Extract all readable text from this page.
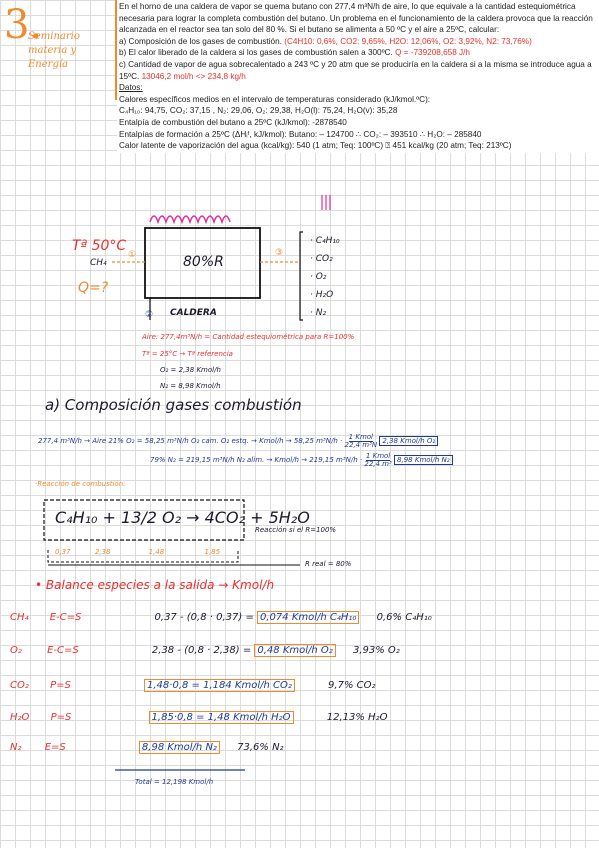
3.
Seminario
materia y
Energía

En el horno de una caldera de vapor se quema butano con 277,4 m³N/h de aire, lo que equivale a la cantidad estequiométrica necesaria para lograr la completa combustión del butano. Un problema en el funcionamiento de la caldera provoca que la reacción alcanzada en el reactor sea tan solo del 80 %. Si el butano se alimenta a 50 ºC y el aire a 25ºC, calcular:

a) Composición de los gases de combustión. (C4H10: 0,6%, CO2: 9,65%, H2O: 12,06%, O2: 3,92%, N2: 73,76%)

b) El calor liberado de la caldera si los gases de combustión salen a 300ºC. Q = -739208,658 J/h

c) Cantidad de vapor de agua sobrecalentado a 243 ºC y 20 atm que se produciría en la caldera si a la misma se introduce agua a 15ºC. 13046,2 mol/h <> 234,8 kg/h

Datos:

Calores específicos medios en el intervalo de temperaturas considerado (kJ/kmol.ºC):

C₄H₁₀: 94,75, CO₂: 37,15 , N₂: 29,06, O₂: 29,38, H₂O(l): 75,24, H₂O(v): 35,28

Entalpía de combustión del butano a 25ºC (kJ/kmol): -2878540

Entalpías de formación a 25ºC (ΔHᵢᶠ, kJ/kmol): Butano: – 124700 ∴ CO₂: – 393510 ∴ H₂O: – 285840

Calor latente de vaporización del agua (kcal/kg): 540 (1 atm; Teq: 100ºC) ⍰ 451 kcal/kg (20 atm; Teq: 213ºC)

Tª 50°C
CH₄
①
Q=?
80%R
③
· C₄H₁₀
· CO₂
· O₂
· H₂O
· N₂
② CALDERA
Aire: 277,4m³N/h = Cantidad estequiométrica para R=100%
Tª = 25°C → Tª referencia
O₂ = 2,38 Kmol/h
N₂ = 8,98 Kmol/h
a) Composición gases combustión
277,4 m³N/h → Aire 21% O₂ = 58,25 m³N/h O₂ cam. O₂ estq. → Kmol/h → 58,25 m³N/h · 1 Kmol
22,4 m³N 2,38 Kmol/h O₂
79% N₂ = 219,15 m³N/h N₂ alim. → Kmol/h → 219,15 m³N/h · 1 Kmol
22,4 m³ 8,98 Kmol/h N₂
·Reacción de combustión:
C₄H₁₀ + 13/2 O₂ → 4CO₂ + 5H₂O
Reacción si el R=100%
0,37	2,38	1,48	1,85
R real = 80%
• Balance especies a la salida → Kmol/h
CH₄ E-C=S	0,37 - (0,8 · 0,37) = 0,074 Kmol/h C₄H₁₀ 0,6% C₄H₁₀
O₂	E-C=S	2,38 - (0,8 · 2,38) = 0,48 Kmol/h O₂ 3,93% O₂
CO₂ P=S	1,48·0,8 = 1,184 Kmol/h CO₂	9,7% CO₂
H₂O P=S	1,85·0,8 = 1,48 Kmol/h H₂O	12,13% H₂O
N₂ E=S	8,98 Kmol/h N₂ 73,6% N₂
Total = 12,198 Kmol/h
